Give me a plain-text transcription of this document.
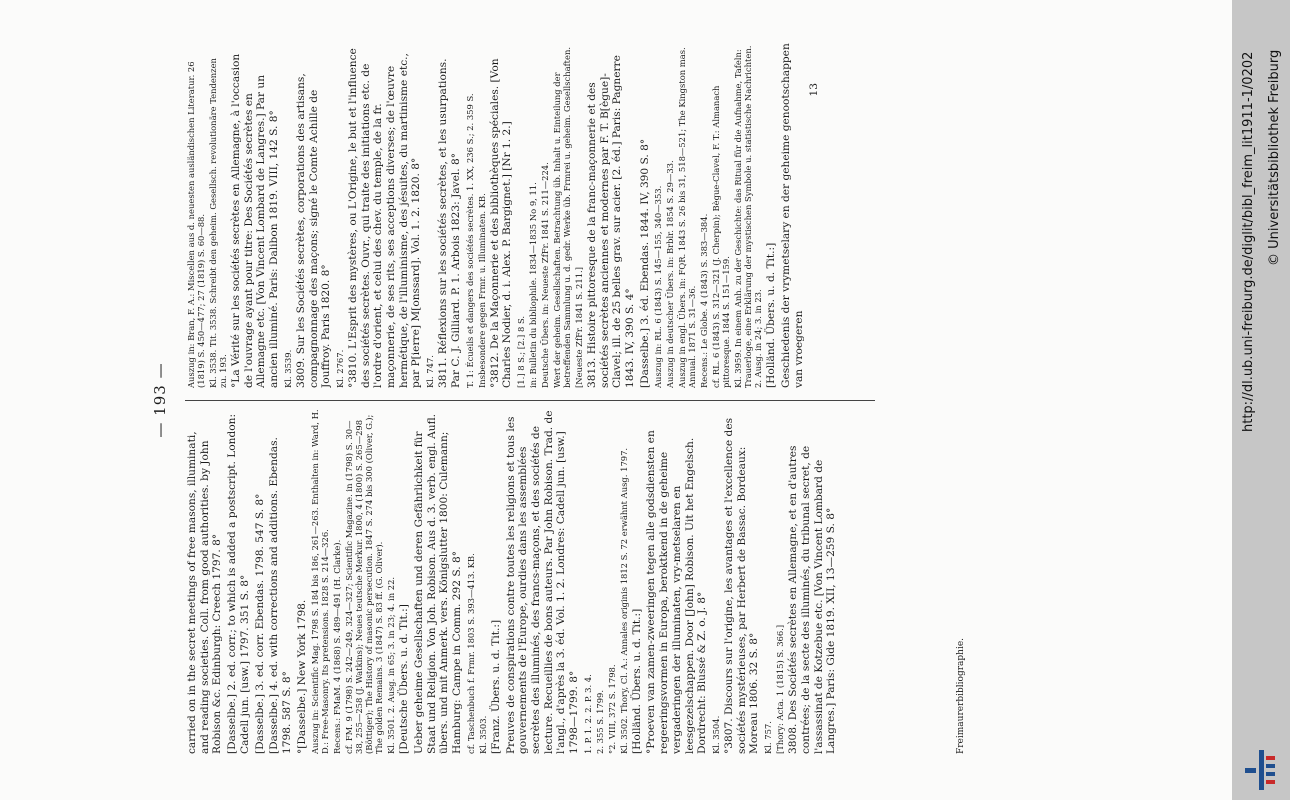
— 193 —
carried on in the secret meetings of free masons, illuminati, and reading societies. Coll. from good authorities. by John Robison &c. Edinburgh: Creech 1797. 8° [Dasselbe.] 2. ed. corr.; to which is added a postscript. London: Cadell jun. [usw.] 1797. 351 S. 8° [Dasselbe.] 3. ed. corr. Ebendas. 1798. 547 S. 8° [Dasselbe.] 4. ed. with corrections and additions. Ebendas. 1798. 587 S. 8° °[Dasselbe.] New York 1798. Auszug in: Scientific Mag. 1798 S. 184 bis 186, 261—263. Enthalten in: Ward, H. D.: Free-Masonry. Its pretensions. 1828 S. 214—326. Recens.: FMaM. 4 (1868) S. 489—491 (H. Clarke). cf. FM. 9 (1798) S. 242—249, 324—327; Scientific Magazine. in (1798) S. 30—38, 255—258 (J. Watkins); Neues teutsche Merkur. 1800, 4 (1800) S. 265—298 (Böttiger); The History of masonic persecution. 1847 S. 274 bis 300 (Oliver, G.); The golden Remains. 3 (1847) S. 83 ff. (G. Oliver). Kl. 3501. 2. Ausg. in 65; 3. in 23; 4. in 22. [Deutsche Übers. u. d. Tit.:] Ueber geheime Gesellschaften und deren Gefährlichkeit für Staat und Religion. Von Joh. Robison. Aus d. 3. verb. engl. Aufl. übers. und mit Anmerk. vers. Königslutter 1800: Culemann; Hamburg: Campe in Comm. 292 S. 8° cf. Taschenbuch f. Frmr. 1803 S. 393—413. KB. Kl. 3503. [Franz. Übers. u. d. Tit.:] Preuves de conspirations contre toutes les religions et tous les gouvernements de l'Europe, ourdies dans les assemblées secrètes des illuminés, des francs-maçons, et des sociétés de lecture. Recueillies de bons auteurs. Par John Robison. Trad. de l'angl., d'après la 3. éd. Vol. 1. 2. Londres: Cadell jun. [usw.] 1798—1799. 8° 1. P. 1. 2. 2. P. 3. 4. 2. 355 S. 1799. °2. VIII, 372 S. 1798. Kl. 3502. Thory, Cl. A.: Annales originis 1812 S. 72 erwähnt Ausg. 1797. [Holländ. Übers. u. d. Tit.:] °Proeven van zamen-zweeringen tegen alle godsdiensten en regeeringsvormen in Europa, beroktkend in de geheime vergaderingen der illuminaten, vry-metselaren en leesgezelschappen. Door [John] Robison. Uit het Engelsch. Dordrecht: Blussé & Z. o. J. 8° Kl. 3504. °3807. Discours sur l'origine, les avantages et l'excellence des sociétés mystérieuses, par Herbert de Bassac. Bordeaux: Moreau 1806. 32 S. 8° Kl. 757. [Thory: Acta. 1 (1815) S. 366.] 3808. Des Sociétés secrètes en Allemagne, et en d'autres contrées; de la secte des illuminés, du tribunal secret, de l'assassinat de Kotzebue etc. [Von Vincent Lombard de Langres.] Paris: Gide 1819. XII, 13—259 S. 8°
Auszug in: Bran, F. A.: Miscellen aus d. neuesten ausländischen Literatur. 26 (1819) S. 450—477; 27 (1819) S. 60—88. Kl. 3538. Tit. 3538. Schreibt den geheim. Gesellsch. revolutionäre Tendenzen zu. 193. °La Vérité sur les sociétés secrètes en Allemagne, à l'occasion de l'ouvrage ayant pour titre: Des Sociétés secrètes en Allemagne etc. [Von Vincent Lombard de Langres.] Par un ancien illuminé. Paris: Dalibon 1819. VIII, 142 S. 8° Kl. 3539. 3809. Sur les Sociétés secrètes, corporations des artisans, compagnonnage des maçons; signé le Comte Achille de Jouffroy. Paris 1820. 8° Kl. 2767. °3810. L'Esprit des mystères, ou L'Origine, le but et l'influence des sociétés secrètes. Ouvr., qui traite des initiations etc. de l'ordre d'orient, et celui des chev. du temple, de la fr. maçonnerie, de ses rits, ses acceptions diverses; de l'œuvre hermétique, de l'illuminisme, des jésuites, du martinisme etc., par P[ierre] M[onssard]. Vol. 1. 2. 1820. 8° Kl. 747. 3811. Réflexions sur les sociétés secrètes, et les usurpations. Par C. J. Gilliard. P. 1. Arbois 1823: Javel. 8° T. 1: Écueils et dangers des sociétés secrètes. 1. XX, 236 S.; 2. 359 S. Insbesondere gegen Frmr. u. Illuminaten. KB. °3812. De la Maçonnerie et des bibliothèques spéciales. [Von Charles Nodier, d. i. Alex. P. Bargignet.] [Nr 1. 2.] [1.] 8 S.; [2.] 8 S. in: Bulletin du bibliophile. 1834—1835 No 9, 11. Deutsche Übers. in: Neueste ZfFr. 1841 S. 211—224. Wert der geheim. Gesellschaften. Betrachtung üb. Inhalt u. Einteilung der betreffenden Sammlung u. d. gedr. Werke üb. Frmrei u. geheim. Gesellschaften. [Neueste ZfFr. 1841 S. 211.] 3813. Histoire pittoresque de la franc-maçonnerie et des sociétés secrètes anciennes et modernes par F. T. B[ègue]-Clavel; ill. de 25 belles grav. sur acier. [2. éd.] Paris: Pagnerre 1843. IV, 390 S. 4° [Dasselbe.] 3. éd. Ebendas. 1844. IV, 390 S. 8° Auszug in: RL. 6 (1843) S. 145—155, 340—353. Auszug in deutscher Übers. in: Brblr. 1854 S. 29—33. Auszug in engl. Übers. in: FQR. 1843 S. 26 bis 31, 518—521; The Kingston mas. Annual. 1871 S. 31—36. Recens.: Le Globe. 4 (1843) S. 383—384. cf. RL. 6 (1843) S. 312—321 (J. Cherpin); Bègue-Clavel, F. T.: Almanach pittoresque. 1844 S. 151—159. Kl. 3959. In einem Anh. zu der Geschichte: das Ritual für die Aufnahme, Tafeln: Trauerloge, eine Erklärung der mystischen Symbole u. statistische Nachrichten. 2. Ausg. in 24; 3. in 23. [Holländ. Übers. u. d. Tit.:] Geschiedenis der vrymetselary en der geheime genootschappen van vroegeren
13
Freimaurerbibliographie.
http://dl.ub.uni-freiburg.de/diglit/bibl_freim_lit1911-1/0202 © Universitätsbibliothek Freiburg
